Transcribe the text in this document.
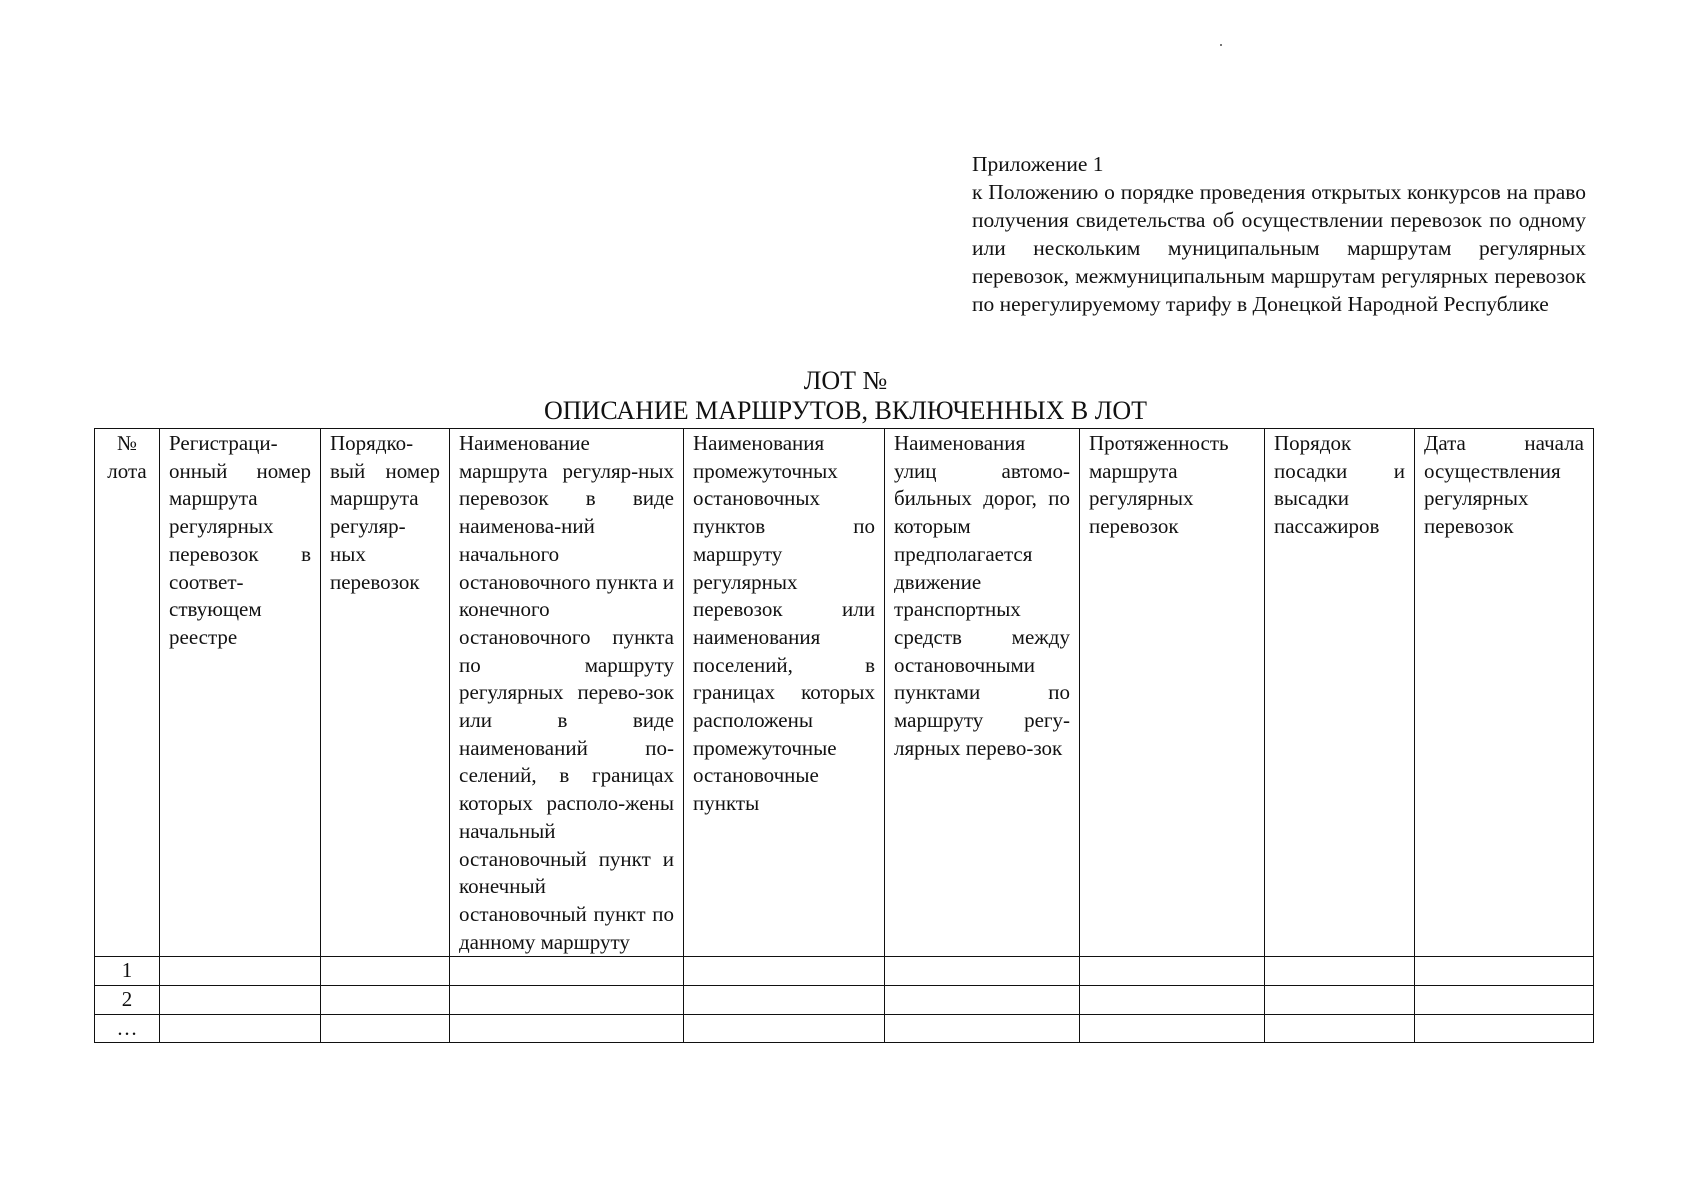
Приложение 1
к Положению о порядке проведения открытых конкурсов на право получения свидетельства об осуществлении перевозок по одному или нескольким муниципальным маршрутам регулярных перевозок, межмуниципальным маршрутам регулярных перевозок по нерегулируемому тарифу в Донецкой Народной Республике
ЛОТ №
ОПИСАНИЕ МАРШРУТОВ, ВКЛЮЧЕННЫХ В ЛОТ
№ лота	Регистраци-онный номер маршрута регулярных перевозок в соответ-ствующем реестре	Порядко-вый номер маршрута регуляр-ных перевозок	Наименование маршрута регуляр-ных перевозок в виде наименова-ний начального остановочного пункта и конечного остановочного пункта по маршруту регулярных перево-зок или в виде наименований по-селений, в границах которых располо-жены начальный остановочный пункт и конечный остановочный пункт по данному маршруту	Наименования промежуточных остановочных пунктов по маршруту регулярных перевозок или наименования поселений, в границах которых расположены промежуточные остановочные пункты	Наименования улиц автомо-бильных дорог, по которым предполагается движение транспортных средств между остановочными пунктами по маршруту регу-лярных перево-зок	Протяженность маршрута регулярных перевозок	Порядок посадки и высадки пассажиров	Дата начала осуществления регулярных перевозок
1								
2								
…								
